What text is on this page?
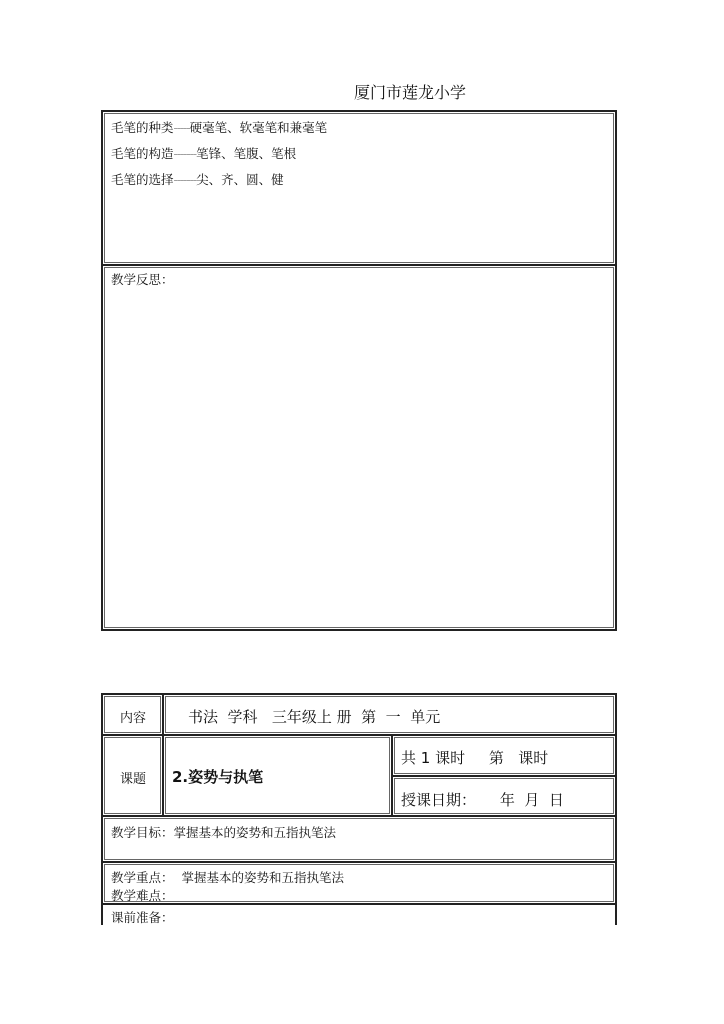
厦门市莲龙小学
毛笔的种类-----硬毫笔、软毫笔和兼毫笔
毛笔的构造-------笔锋、笔腹、笔根
毛笔的选择-------尖、齐、圆、健
教学反思：
内容	书法  学科   三年级上 册  第  一  单元
课题 2.姿势与执笔
共 1 课时     第   课时
授课日期：     年  月  日
教学目标：掌握基本的姿势和五指执笔法
教学重点： 掌握基本的姿势和五指执笔法
教学难点：
课前准备：
